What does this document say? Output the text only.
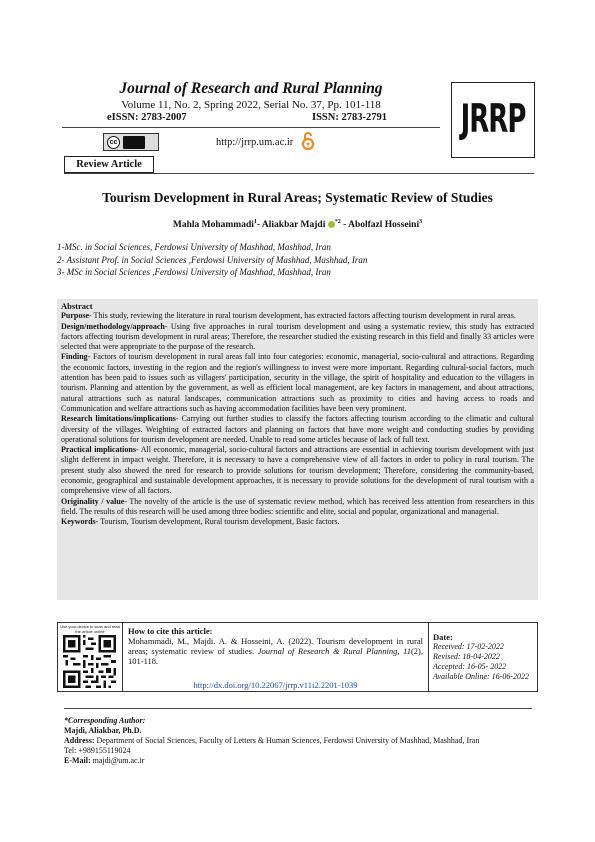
Journal of Research and Rural Planning
Volume 11, No. 2, Spring 2022, Serial No. 37, Pp. 101-118
eISSN: 2783-2007	ISSN: 2783-2791
cc	http://jrrp.um.ac.ir	JRRP
Review Article
Tourism Development in Rural Areas; Systematic Review of Studies
Mahla Mohammadi$^1$- Aliakbar Majdi $^{*2}$ - Abolfazl Hosseini$^3$
1-MSc. in Social Sciences, Ferdowsi University of Mashhad, Mashhad, Iran
2- Assistant Prof. in Social Sciences ,Ferdowsi University of Mashhad, Mashhad, Iran
3- MSc in Social Sciences ,Ferdowsi University of Mashhad, Mashhad, Iran

Abstract

Purpose- This study, reviewing the literature in rural tourism development, has extracted factors affecting tourism development in rural areas.

Design/methodology/approach- Using five approaches in rural tourism development and using a systematic review, this study has extracted factors affecting tourism development in rural areas; Therefore, the researcher studied the existing research in this field and finally 33 articles were selected that were appropriate to the purpose of the research.

Finding- Factors of tourism development in rural areas fall into four categories: economic, managerial, socio-cultural and attractions. Regarding the economic factors, investing in the region and the region's willingness to invest were more important. Regarding cultural-social factors, much attention has been paid to issues such as villagers' participation, security in the village, the spirit of hospitality and education to the villagers in tourism. Planning and attention by the government, as well as efficient local management, are key factors in management, and about attractions, natural attractions such as natural landscapes, communication attractions such as proximity to cities and having access to roads and Communication and welfare attractions such as having accommodation facilities have been very prominent.

Research limitations/implications- Carrying out further studies to classify the factors affecting tourism according to the climatic and cultural diversity of the villages. Weighting of extracted factors and planning on factors that have more weight and conducting studies by providing operational solutions for tourism development are needed. Unable to read some articles because of lack of full text.

Practical implications- All economic, managerial, socio-cultural factors and attractions are essential in achieving tourism development with just slight defferent in impact weight. Therefore, it is necessary to have a comprehensive view of all factors in order to policy in rural tourism. The present study also showed the need for research to provide solutions for tourism development; Therefore, considering the community-based, economic, geographical and sustainable development approaches, it is necessary to provide solutions for the development of rural tourism with a comprehensive view of all factors.

Originality / value- The novelty of the article is the use of systematic review method, which has received less attention from researchers in this field. The results of this research will be used among three bodies: scientific and elite, social and popular, organizational and managerial.

Keywords- Tourism, Tourism development, Rural tourism development, Basic factors.

Use your device to scan and read the article online	How to cite this article:
Mohammadi, M., Majdi. A. & Hosseini, A. (2022). Tourism development in rural areas; systematic review of studies. Journal of Research & Rural Planning, 11(2), 101-118.
http://dx.doi.org/10.22067/jrrp.v11i2.2201-1039
Date:
Received: 17-02-2022
Revised: 18-04-2022
Accepted: 16-05- 2022
Available Online: 16-06-2022
*Corresponding Author:
Majdi, Aliakbar, Ph.D.
Address: Department of Social Sciences, Faculty of Letters & Human Sciences, Ferdowsi University of Mashhad, Mashhad, Iran
Tel: +989155119024
E-Mail: majdi@um.ac.ir
